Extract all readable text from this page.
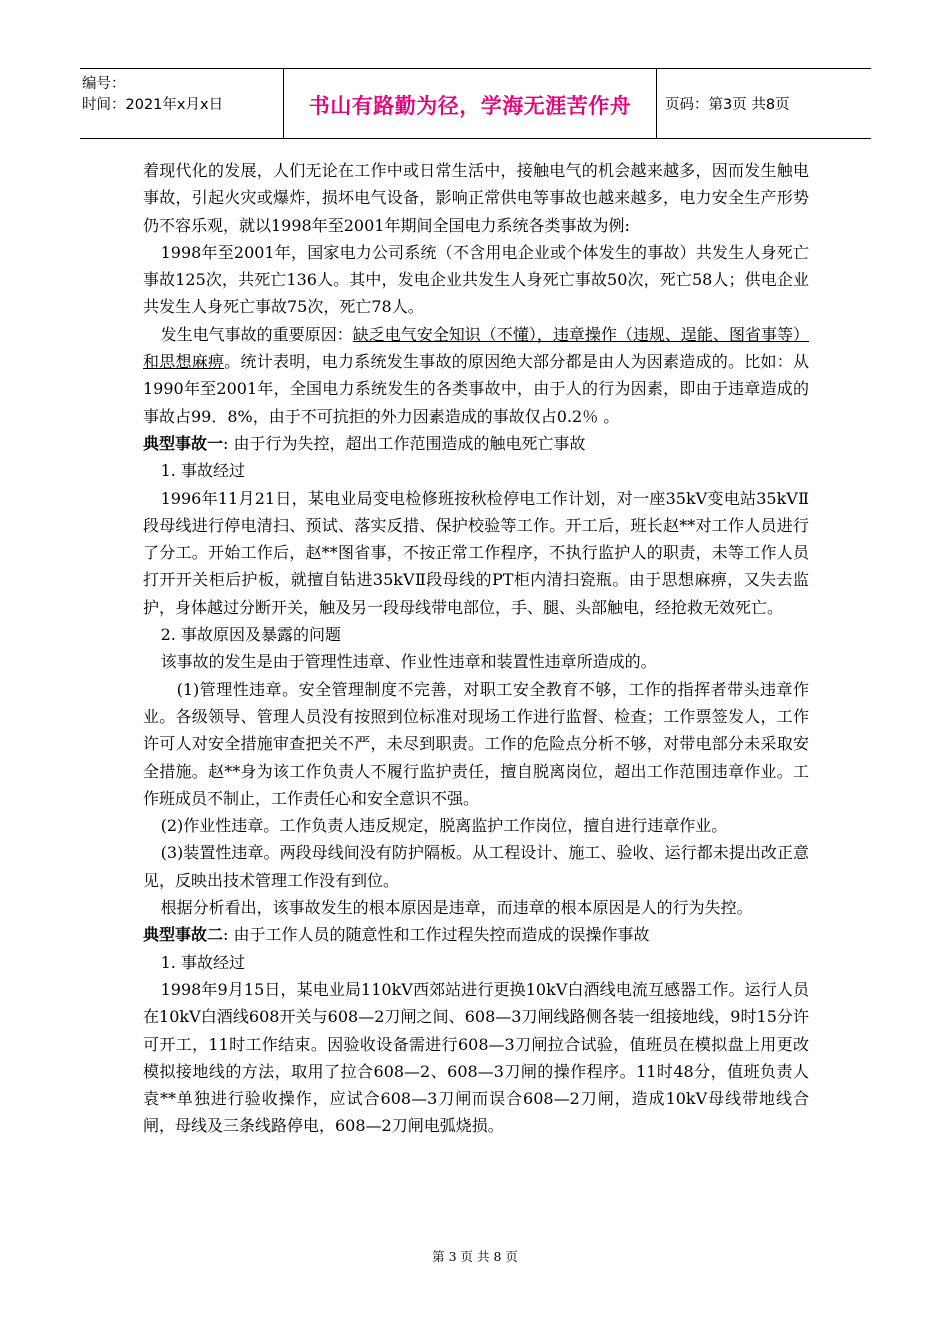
编号：
时间：2021年x月x日	书山有路勤为径，学海无涯苦作舟	页码：第3页 共8页

着现代化的发展，人们无论在工作中或日常生活中，接触电气的机会越来越多，因而发生触电事故，引起火灾或爆炸，损坏电气设备，影响正常供电等事故也越来越多，电力安全生产形势仍不容乐观，就以1998年至2001年期间全国电力系统各类事故为例:

1998年至2001年，国家电力公司系统（不含用电企业或个体发生的事故）共发生人身死亡事故125次，共死亡136人。其中，发电企业共发生人身死亡事故50次，死亡58人；供电企业共发生人身死亡事故75次，死亡78人。

发生电气事故的重要原因：缺乏电气安全知识（不懂），违章操作（违规、逞能、图省事等）和思想麻痹。统计表明，电力系统发生事故的原因绝大部分都是由人为因素造成的。比如：从1990年至2001年，全国电力系统发生的各类事故中，由于人的行为因素，即由于违章造成的事故占99．8%，由于不可抗拒的外力因素造成的事故仅占0.2％ 。

典型事故一: 由于行为失控，超出工作范围造成的触电死亡事故

1. 事故经过

1996年11月21日，某电业局变电检修班按秋检停电工作计划，对一座35kV变电站35kVⅡ段母线进行停电清扫、预试、落实反措、保护校验等工作。开工后，班长赵**对工作人员进行了分工。开始工作后，赵**图省事，不按正常工作程序，不执行监护人的职责，未等工作人员打开开关柜后护板，就擅自钻进35kVⅡ段母线的PT柜内清扫瓷瓶。由于思想麻痹，又失去监护，身体越过分断开关，触及另一段母线带电部位，手、腿、头部触电，经抢救无效死亡。

2. 事故原因及暴露的问题

该事故的发生是由于管理性违章、作业性违章和装置性违章所造成的。

(1)管理性违章。安全管理制度不完善，对职工安全教育不够，工作的指挥者带头违章作业。各级领导、管理人员没有按照到位标准对现场工作进行监督、检查；工作票签发人，工作许可人对安全措施审查把关不严，未尽到职责。工作的危险点分析不够，对带电部分未采取安全措施。赵**身为该工作负责人不履行监护责任，擅自脱离岗位，超出工作范围违章作业。工作班成员不制止，工作责任心和安全意识不强。

(2)作业性违章。工作负责人违反规定，脱离监护工作岗位，擅自进行违章作业。

(3)装置性违章。两段母线间没有防护隔板。从工程设计、施工、验收、运行都未提出改正意见，反映出技术管理工作没有到位。

根据分析看出，该事故发生的根本原因是违章，而违章的根本原因是人的行为失控。

典型事故二: 由于工作人员的随意性和工作过程失控而造成的误操作事故

1. 事故经过

1998年9月15日，某电业局110kV西郊站进行更换10kV白酒线电流互感器工作。运行人员在10kV白酒线608开关与608—2刀闸之间、608—3刀闸线路侧各装一组接地线，9时15分许可开工，11时工作结束。因验收设备需进行608—3刀闸拉合试验，值班员在模拟盘上用更改模拟接地线的方法，取用了拉合608—2、608—3刀闸的操作程序。11时48分，值班负责人袁**单独进行验收操作，应试合608—3刀闸而误合608—2刀闸，造成10kV母线带地线合闸，母线及三条线路停电，608—2刀闸电弧烧损。

第 3 页 共 8 页
